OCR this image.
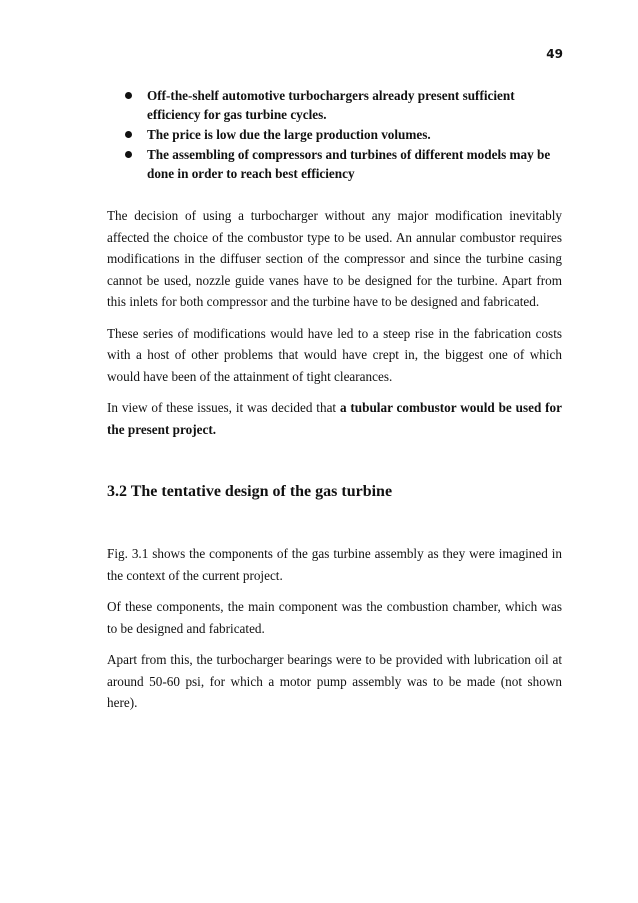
49
Off-the-shelf automotive turbochargers already present sufficient efficiency for gas turbine cycles.
The price is low due the large production volumes.
The assembling of compressors and turbines of different models may be done in order to reach best efficiency

The decision of using a turbocharger without any major modification inevitably affected the choice of the combustor type to be used. An annular combustor requires modifications in the diffuser section of the compressor and since the turbine casing cannot be used, nozzle guide vanes have to be designed for the turbine. Apart from this inlets for both compressor and the turbine have to be designed and fabricated.

These series of modifications would have led to a steep rise in the fabrication costs with a host of other problems that would have crept in, the biggest one of which would have been of the attainment of tight clearances.

In view of these issues, it was decided that a tubular combustor would be used for the present project.

3.2 The tentative design of the gas turbine

Fig. 3.1 shows the components of the gas turbine assembly as they were imagined in the context of the current project.

Of these components, the main component was the combustion chamber, which was to be designed and fabricated.

Apart from this, the turbocharger bearings were to be provided with lubrication oil at around 50-60 psi, for which a motor pump assembly was to be made (not shown here).
